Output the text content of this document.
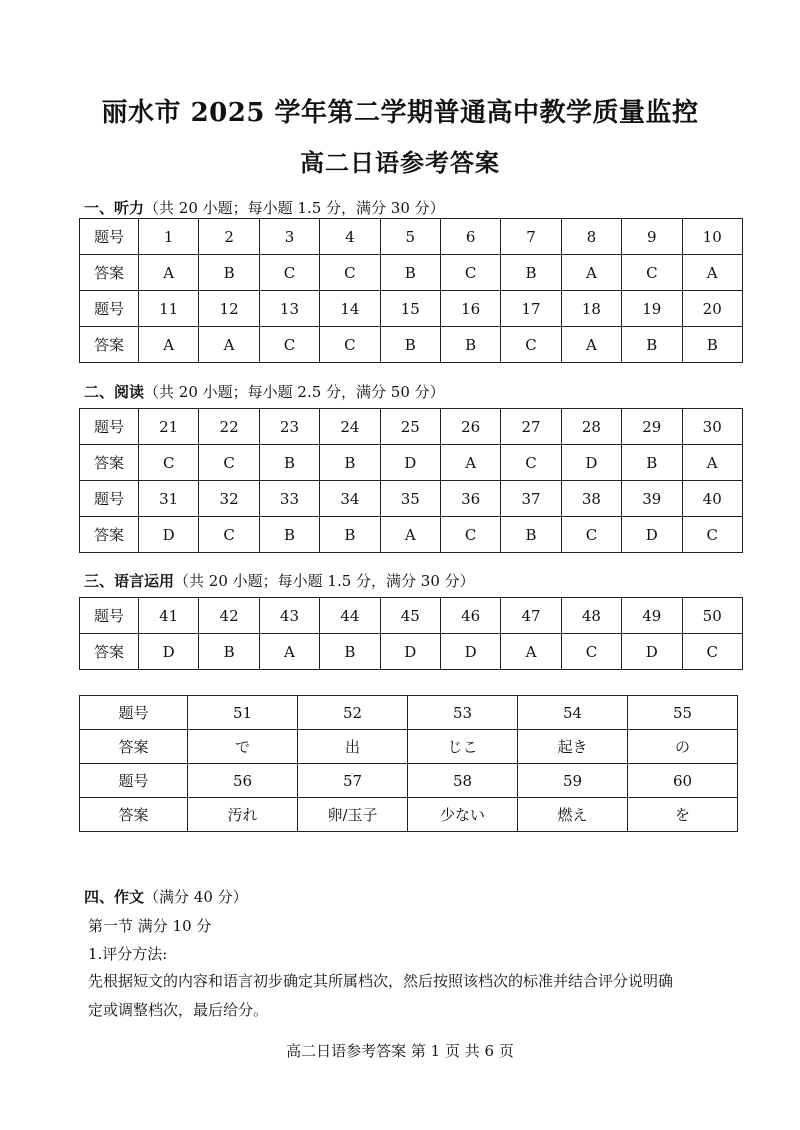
丽水市 2025 学年第二学期普通高中教学质量监控
高二日语参考答案
一、听力（共 20 小题；每小题 1.5 分，满分 30 分）
题号	1	2	3	4	5	6	7	8	9	10
答案	A	B	C	C	B	C	B	A	C	A
题号	11	12	13	14	15	16	17	18	19	20
答案	A	A	C	C	B	B	C	A	B	B
二、阅读（共 20 小题；每小题 2.5 分，满分 50 分）
题号	21	22	23	24	25	26	27	28	29	30
答案	C	C	B	B	D	A	C	D	B	A
题号	31	32	33	34	35	36	37	38	39	40
答案	D	C	B	B	A	C	B	C	D	C
三、语言运用（共 20 小题；每小题 1.5 分，满分 30 分）
题号	41	42	43	44	45	46	47	48	49	50
答案	D	B	A	B	D	D	A	C	D	C
题号	51	52	53	54	55
答案	で	出	じこ	起き	の
题号	56	57	58	59	60
答案	汚れ	卵/玉子	少ない	燃え	を
四、作文（满分 40 分）
第一节 满分 10 分
1.评分方法:
先根据短文的内容和语言初步确定其所属档次，然后按照该档次的标准并结合评分说明确
定或调整档次，最后给分。
高二日语参考答案 第 1 页 共 6 页
